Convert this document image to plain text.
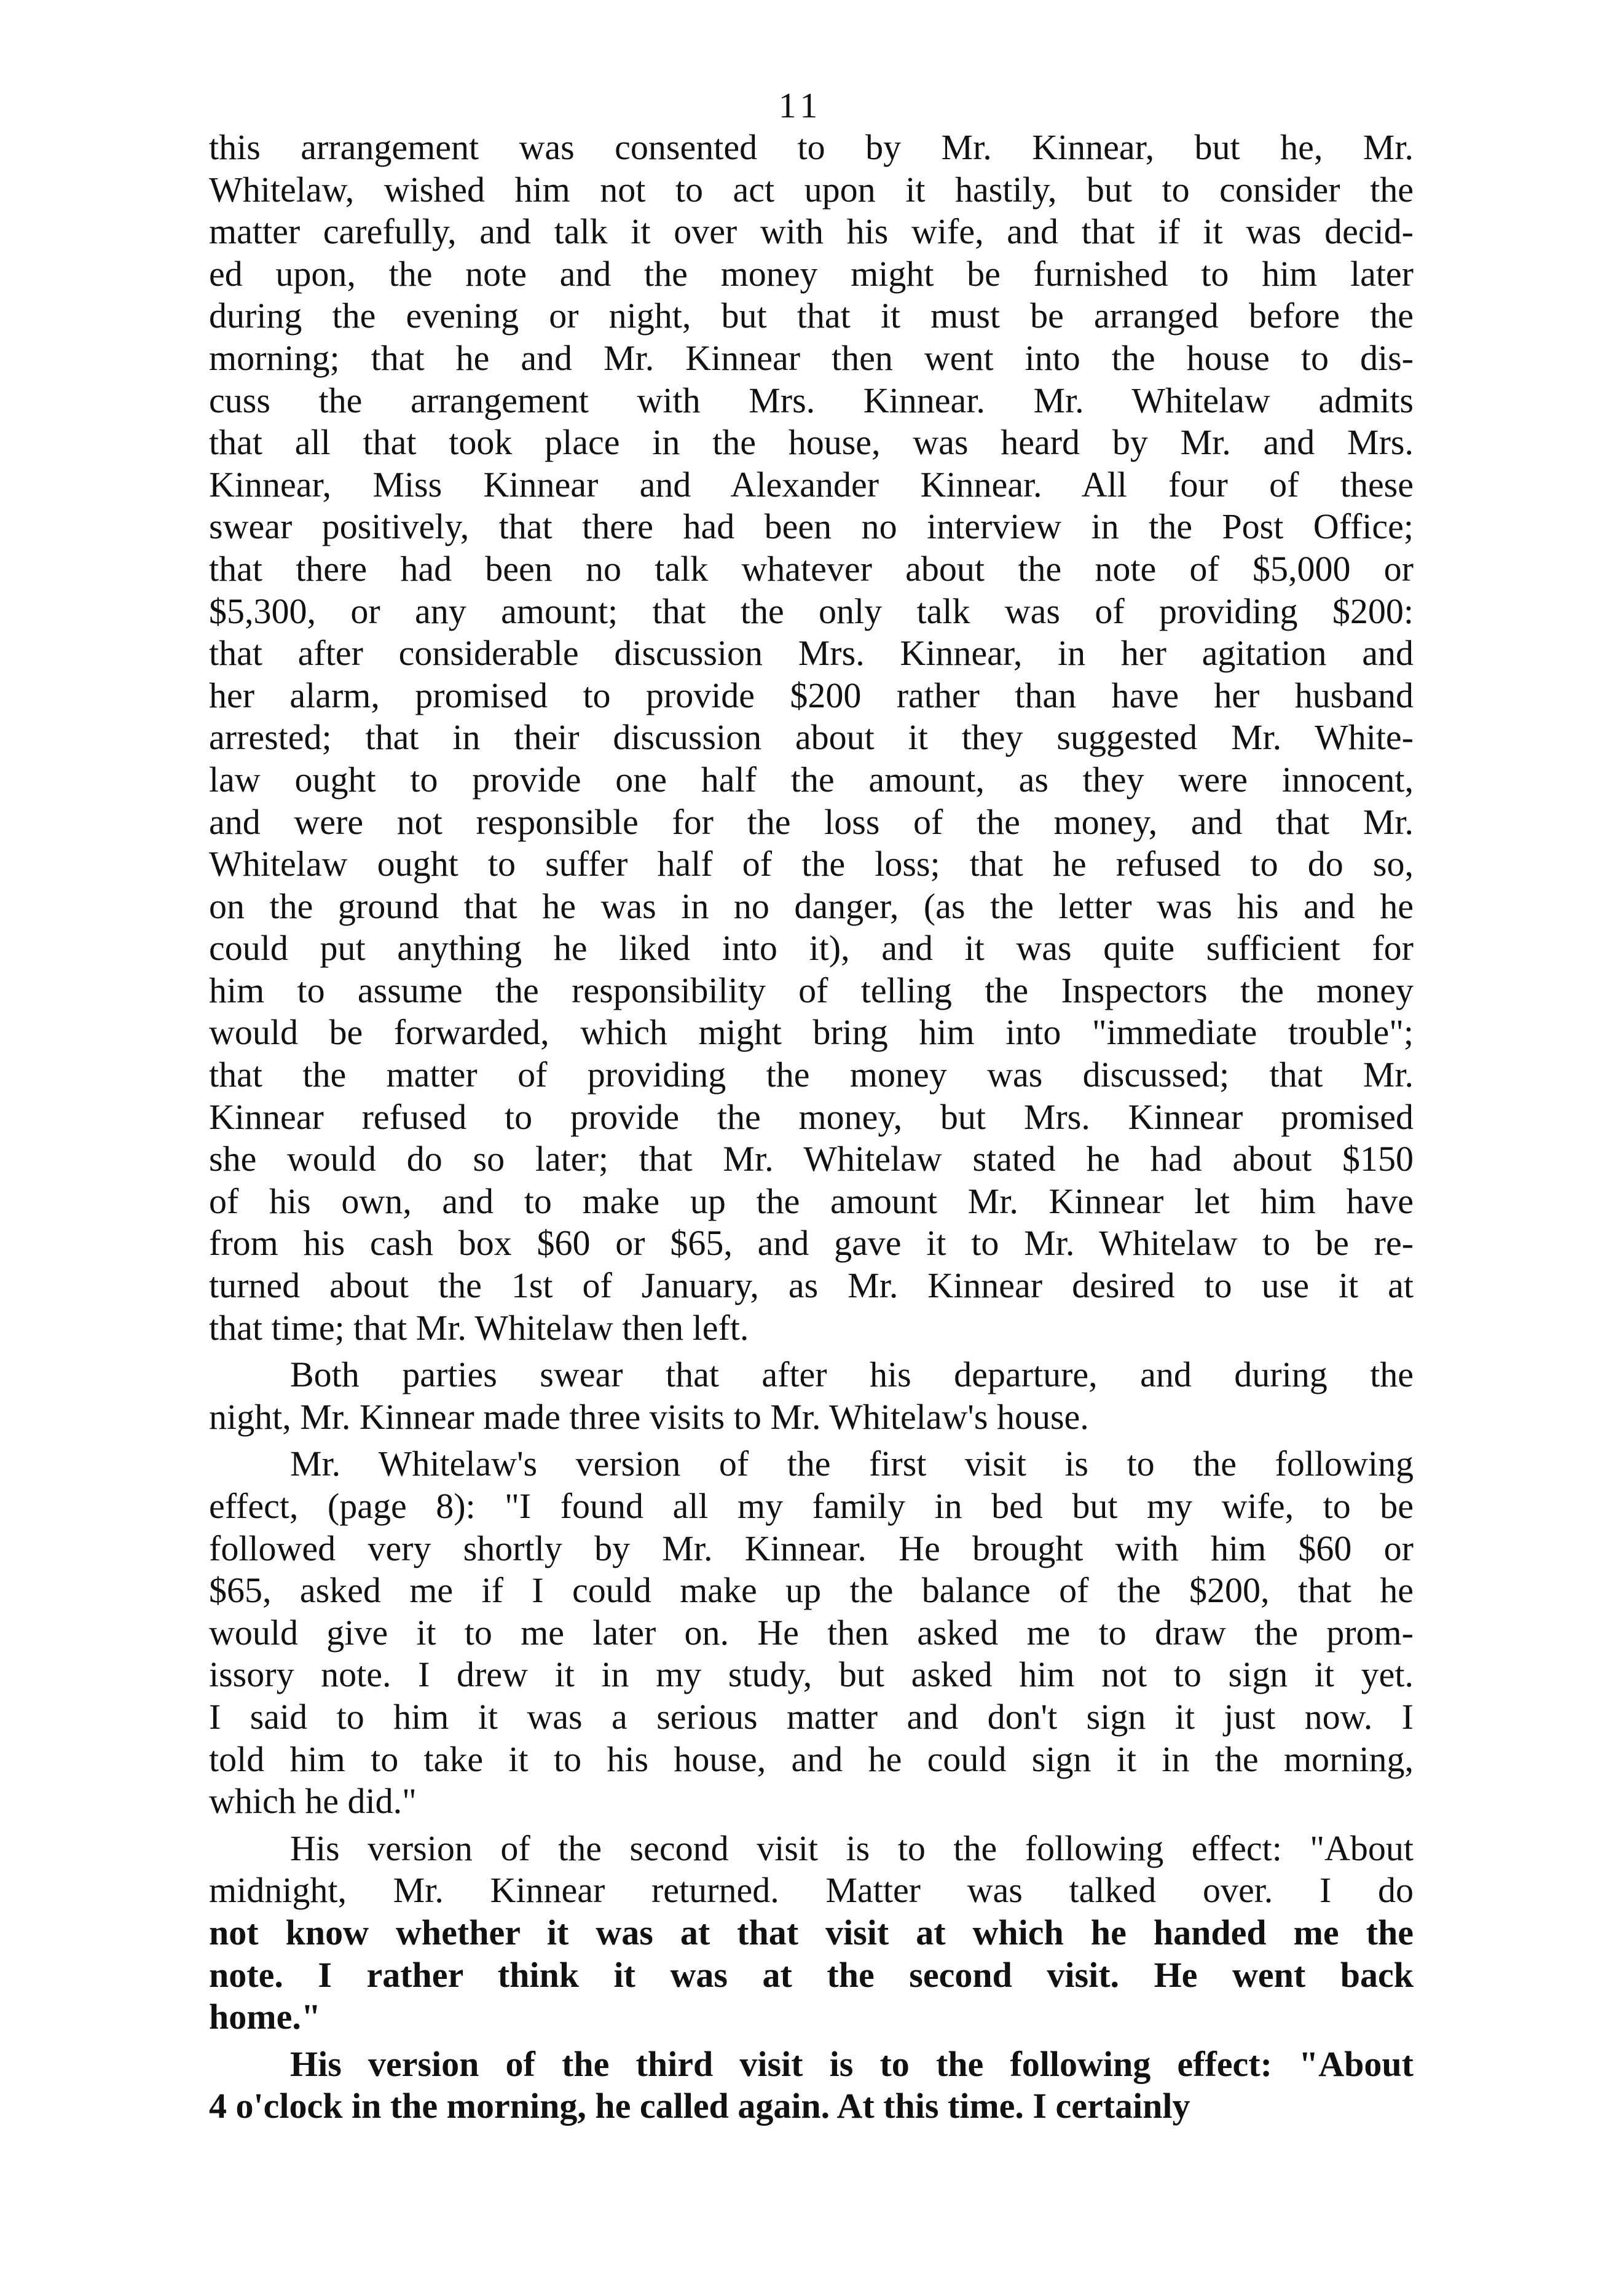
11
this arrangement was consented to by Mr. Kinnear, but he, Mr.
Whitelaw, wished him not to act upon it hastily, but to consider the
matter carefully, and talk it over with his wife, and that if it was decid-
ed upon, the note and the money might be furnished to him later
during the evening or night, but that it must be arranged before the
morning; that he and Mr. Kinnear then went into the house to dis-
cuss the arrangement with Mrs. Kinnear. Mr. Whitelaw admits
that all that took place in the house, was heard by Mr. and Mrs.
Kinnear, Miss Kinnear and Alexander Kinnear. All four of these
swear positively, that there had been no interview in the Post Office;
that there had been no talk whatever about the note of $5,000 or
$5,300, or any amount; that the only talk was of providing $200:
that after considerable discussion Mrs. Kinnear, in her agitation and
her alarm, promised to provide $200 rather than have her husband
arrested; that in their discussion about it they suggested Mr. White-
law ought to provide one half the amount, as they were innocent,
and were not responsible for the loss of the money, and that Mr.
Whitelaw ought to suffer half of the loss; that he refused to do so,
on the ground that he was in no danger, (as the letter was his and he
could put anything he liked into it), and it was quite sufficient for
him to assume the responsibility of telling the Inspectors the money
would be forwarded, which might bring him into "immediate trouble";
that the matter of providing the money was discussed; that Mr.
Kinnear refused to provide the money, but Mrs. Kinnear promised
she would do so later; that Mr. Whitelaw stated he had about $150
of his own, and to make up the amount Mr. Kinnear let him have
from his cash box $60 or $65, and gave it to Mr. Whitelaw to be re-
turned about the 1st of January, as Mr. Kinnear desired to use it at
that time; that Mr. Whitelaw then left.
Both parties swear that after his departure, and during the
night, Mr. Kinnear made three visits to Mr. Whitelaw's house.
Mr. Whitelaw's version of the first visit is to the following
effect, (page 8): "I found all my family in bed but my wife, to be
followed very shortly by Mr. Kinnear. He brought with him $60 or
$65, asked me if I could make up the balance of the $200, that he
would give it to me later on. He then asked me to draw the prom-
issory note. I drew it in my study, but asked him not to sign it yet.
I said to him it was a serious matter and don't sign it just now. I
told him to take it to his house, and he could sign it in the morning,
which he did."
His version of the second visit is to the following effect: "About
midnight, Mr. Kinnear returned. Matter was talked over. I do
not know whether it was at that visit at which he handed me the
note. I rather think it was at the second visit. He went back
home."
His version of the third visit is to the following effect: "About
4 o'clock in the morning, he called again. At this time. I certainly
